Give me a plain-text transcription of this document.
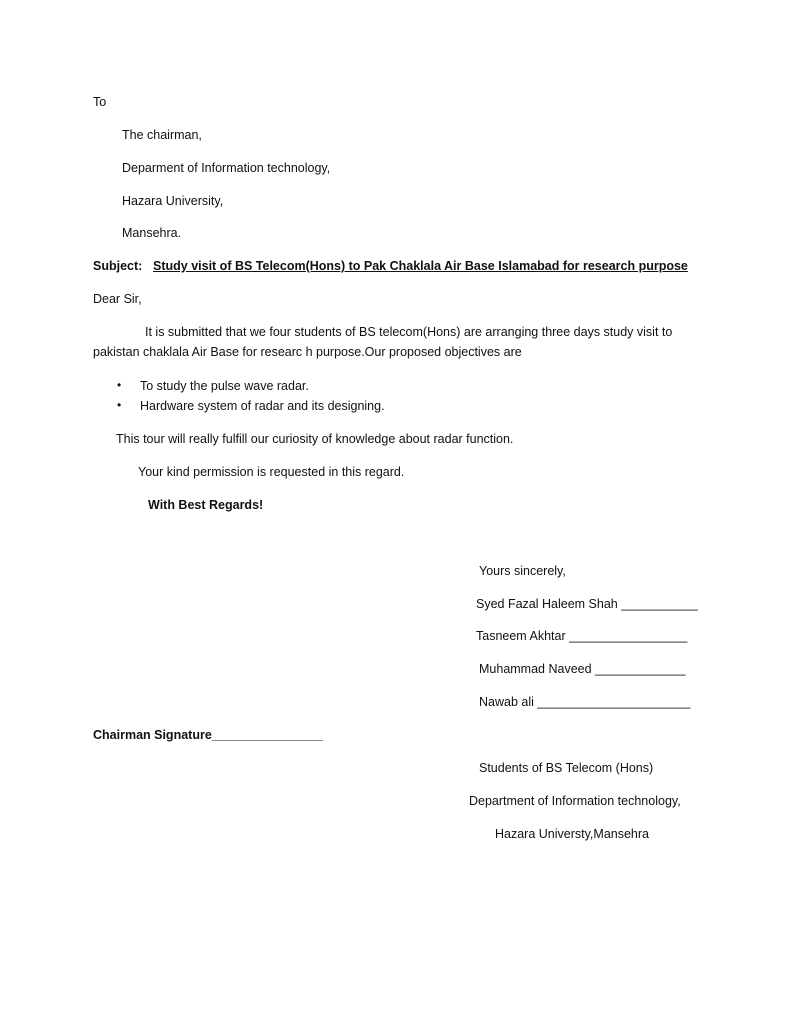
To
The chairman,
Deparment of Information technology,
Hazara University,
Mansehra.
Subject: Study visit of BS Telecom(Hons) to Pak Chaklala Air Base Islamabad for research purpose
Dear Sir,
It is submitted that we four students of BS telecom(Hons) are arranging three days study visit to
pakistan chaklala Air Base for researc h purpose.Our proposed objectives are
• To study the pulse wave radar.
• Hardware system of radar and its designing.
This tour will really fulfill our curiosity of knowledge about radar function.
Your kind permission is requested in this regard.
With Best Regards!
Yours sincerely,
Syed Fazal Haleem Shah ___________
Tasneem Akhtar _________________
Muhammad Naveed _____________
Nawab ali ______________________
Chairman Signature________________
Students of BS Telecom (Hons)
Department of Information technology,
Hazara Universty,Mansehra
